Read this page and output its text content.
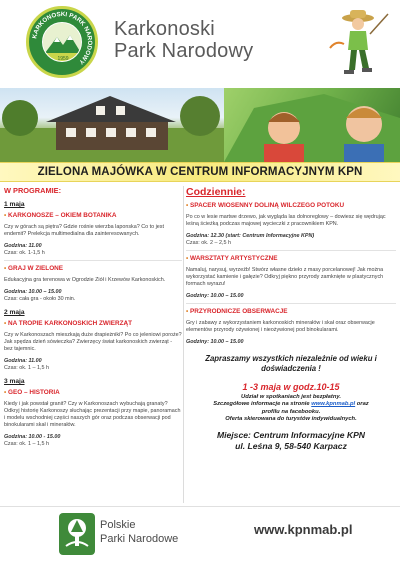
KARKONOSKI PARK NARODOWY
1959
Karkonoski
Park Narodowy
ZIELONA MAJÓWKA W CENTRUM INFORMACYJNYM KPN
W PROGRAMIE:
1 maja
• KARKONOSZE – OKIEM BOTANIKA
Czy w górach są piętra? Gdzie rośnie wierzba laponska? Co to jest endemit? Prelekcja multimedialna dla zainteresowanych.
Godzina: 11.00
Czas: ok. 1-1,5 h
• GRAJ W ZIELONE
Edukacyjna gra terenowa w Ogrodzie Ziół i Krzewów Karkonoskich.
Godzina: 10.00 – 15.00
Czas: cała gra - około 30 min.
2 maja
• NA TROPIE KARKONOSKICH ZWIERZĄT
Czy w Karkonoszach mieszkają duże drapieżniki? Po co jeleniowi poroże? Jak spędza dzień sówieczka? Zwierzęcy świat karkonoskich zwierząt - bez tajemnic.
Godzina: 11.00
Czas: ok. 1 – 1,5 h
3 maja
• GEO – HISTORIA
Kiedy i jak powstał granit? Czy w Karkonoszach wybuchają granaty? Odkryj historię Karkonoszy słuchając prezentacji przy mapie, panoramach i modelu wschodniej części naszych gór oraz podczas obserwacji pod binokularami skał i minerałów.
Godzina: 10.00 - 15.00
Czas: ok. 1 – 1,5 h
Codziennie:
• SPACER WIOSENNY DOLINĄ WILCZEGO POTOKU
Po co w lesie martwe drzewo, jak wygląda las dolnoreglowy – dowiesz się wędrując leśną ścieżką podczas majowej wycieczki z pracownikiem KPN.
Godzina: 12.30 (start: Centrum Informacyjne KPN)
Czas: ok. 2 – 2,5 h
• WARSZTATY ARTYSTYCZNE
Namaluj, narysuj, wyrzeźb! Stwórz własne dzieło z masy porcelanowej! Jak można wykorzystać kamienie i gałęzie? Odkryj piękno przyrody zamknięte w plastycznych formach wyrazu!
Godziny: 10.00 – 15.00
• PRZYRODNICZE OBSERWACJE
Gry i zabawy z wykorzystaniem karkonoskich minerałów i skał oraz obserwacje elementów przyrody ożywionej i nieożywionej pod binokularami.
Godziny: 10.00 – 15.00
Zapraszamy wszystkich niezależnie od wieku i
doświadczenia !
1 -3 maja w godz.10-15
Udział w spotkaniach jest bezpłatny.
Szczegółowe informacje na stronie www.kpnmab.pl oraz
profilu na facebooku.
Oferta skierowana do turystów indywidualnych.
Miejsce: Centrum Informacyjne KPN
ul. Leśna 9, 58-540 Karpacz
Polskie
Parki Narodowe
www.kpnmab.pl
